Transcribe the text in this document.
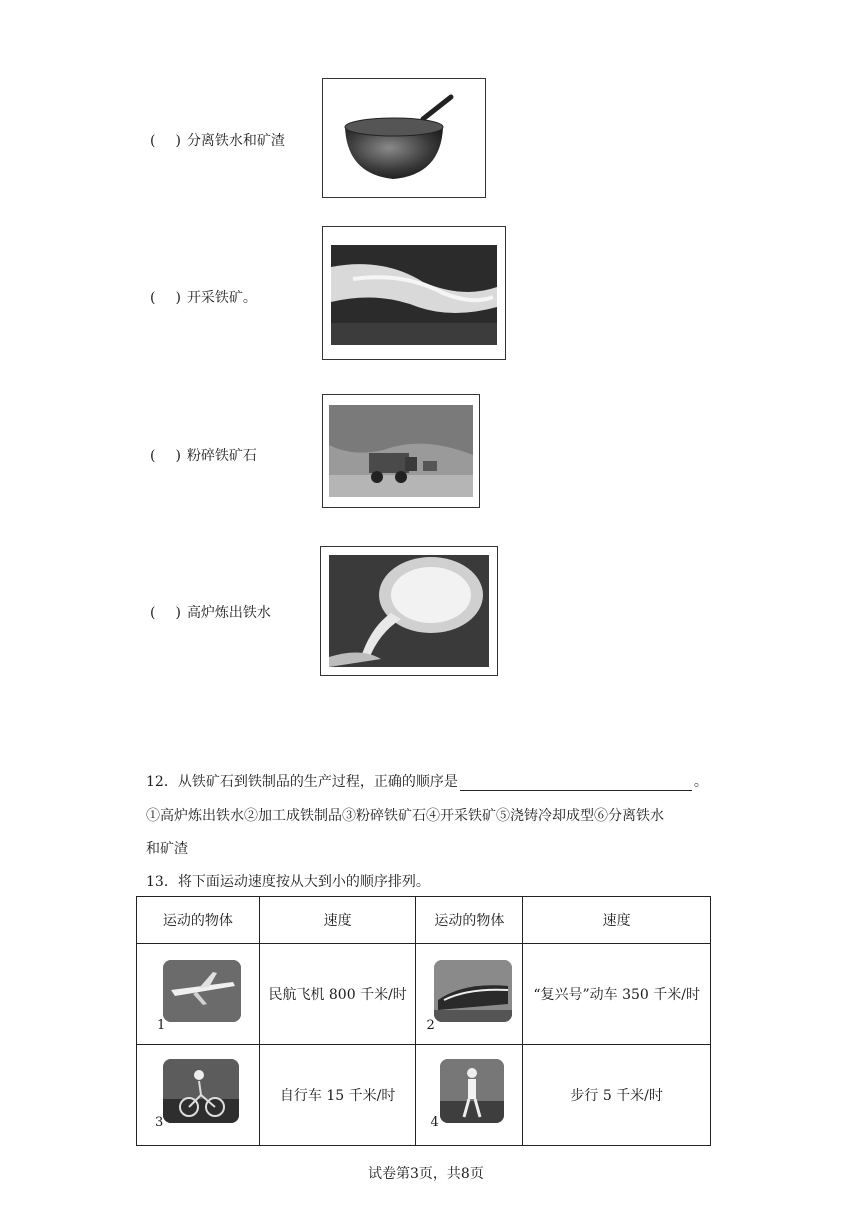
( ) 分离铁水和矿渣
( ) 开采铁矿。
( ) 粉碎铁矿石
( ) 高炉炼出铁水
12．从铁矿石到铁制品的生产过程，正确的顺序是	。
①高炉炼出铁水②加工成铁制品③粉碎铁矿石④开采铁矿⑤浇铸冷却成型⑥分离铁水
和矿渣
13．将下面运动速度按从大到小的顺序排列。
运动的物体	速度	运动的物体	速度

1	民航飞机 800 千米/时	2	“复兴号”动车 350 千米/时

3	自行车 15 千米/时	4	步行 5 千米/时
试卷第3页，共8页
